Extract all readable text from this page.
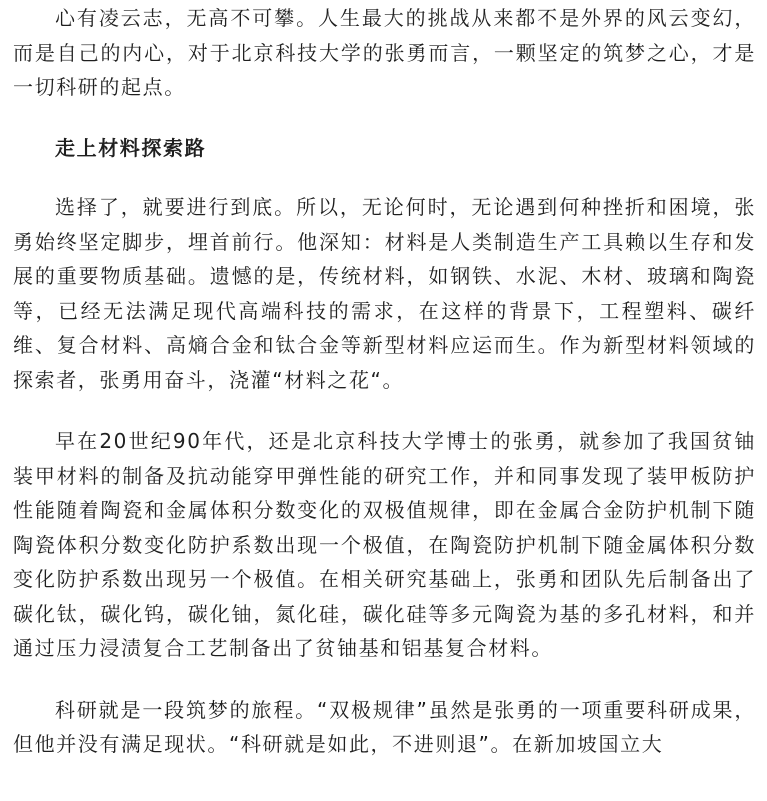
心有凌云志，无高不可攀。人生最大的挑战从来都不是外界的风云变幻，而是自己的内心，对于北京科技大学的张勇而言，一颗坚定的筑梦之心，才是一切科研的起点。

走上材料探索路

选择了，就要进行到底。所以，无论何时，无论遇到何种挫折和困境，张勇始终坚定脚步，埋首前行。他深知：材料是人类制造生产工具赖以生存和发展的重要物质基础。遗憾的是，传统材料，如钢铁、水泥、木材、玻璃和陶瓷等，已经无法满足现代高端科技的需求，在这样的背景下，工程塑料、碳纤维、复合材料、高熵合金和钛合金等新型材料应运而生。作为新型材料领域的探索者，张勇用奋斗，浇灌“材料之花“。

早在20世纪90年代，还是北京科技大学博士的张勇，就参加了我国贫铀装甲材料的制备及抗动能穿甲弹性能的研究工作，并和同事发现了装甲板防护性能随着陶瓷和金属体积分数变化的双极值规律，即在金属合金防护机制下随陶瓷体积分数变化防护系数出现一个极值，在陶瓷防护机制下随金属体积分数变化防护系数出现另一个极值。在相关研究基础上，张勇和团队先后制备出了碳化钛，碳化钨，碳化铀，氮化硅，碳化硅等多元陶瓷为基的多孔材料，和并通过压力浸渍复合工艺制备出了贫铀基和铝基复合材料。

科研就是一段筑梦的旅程。“双极规律”虽然是张勇的一项重要科研成果，但他并没有满足现状。“科研就是如此，不进则退”。在新加坡国立大
